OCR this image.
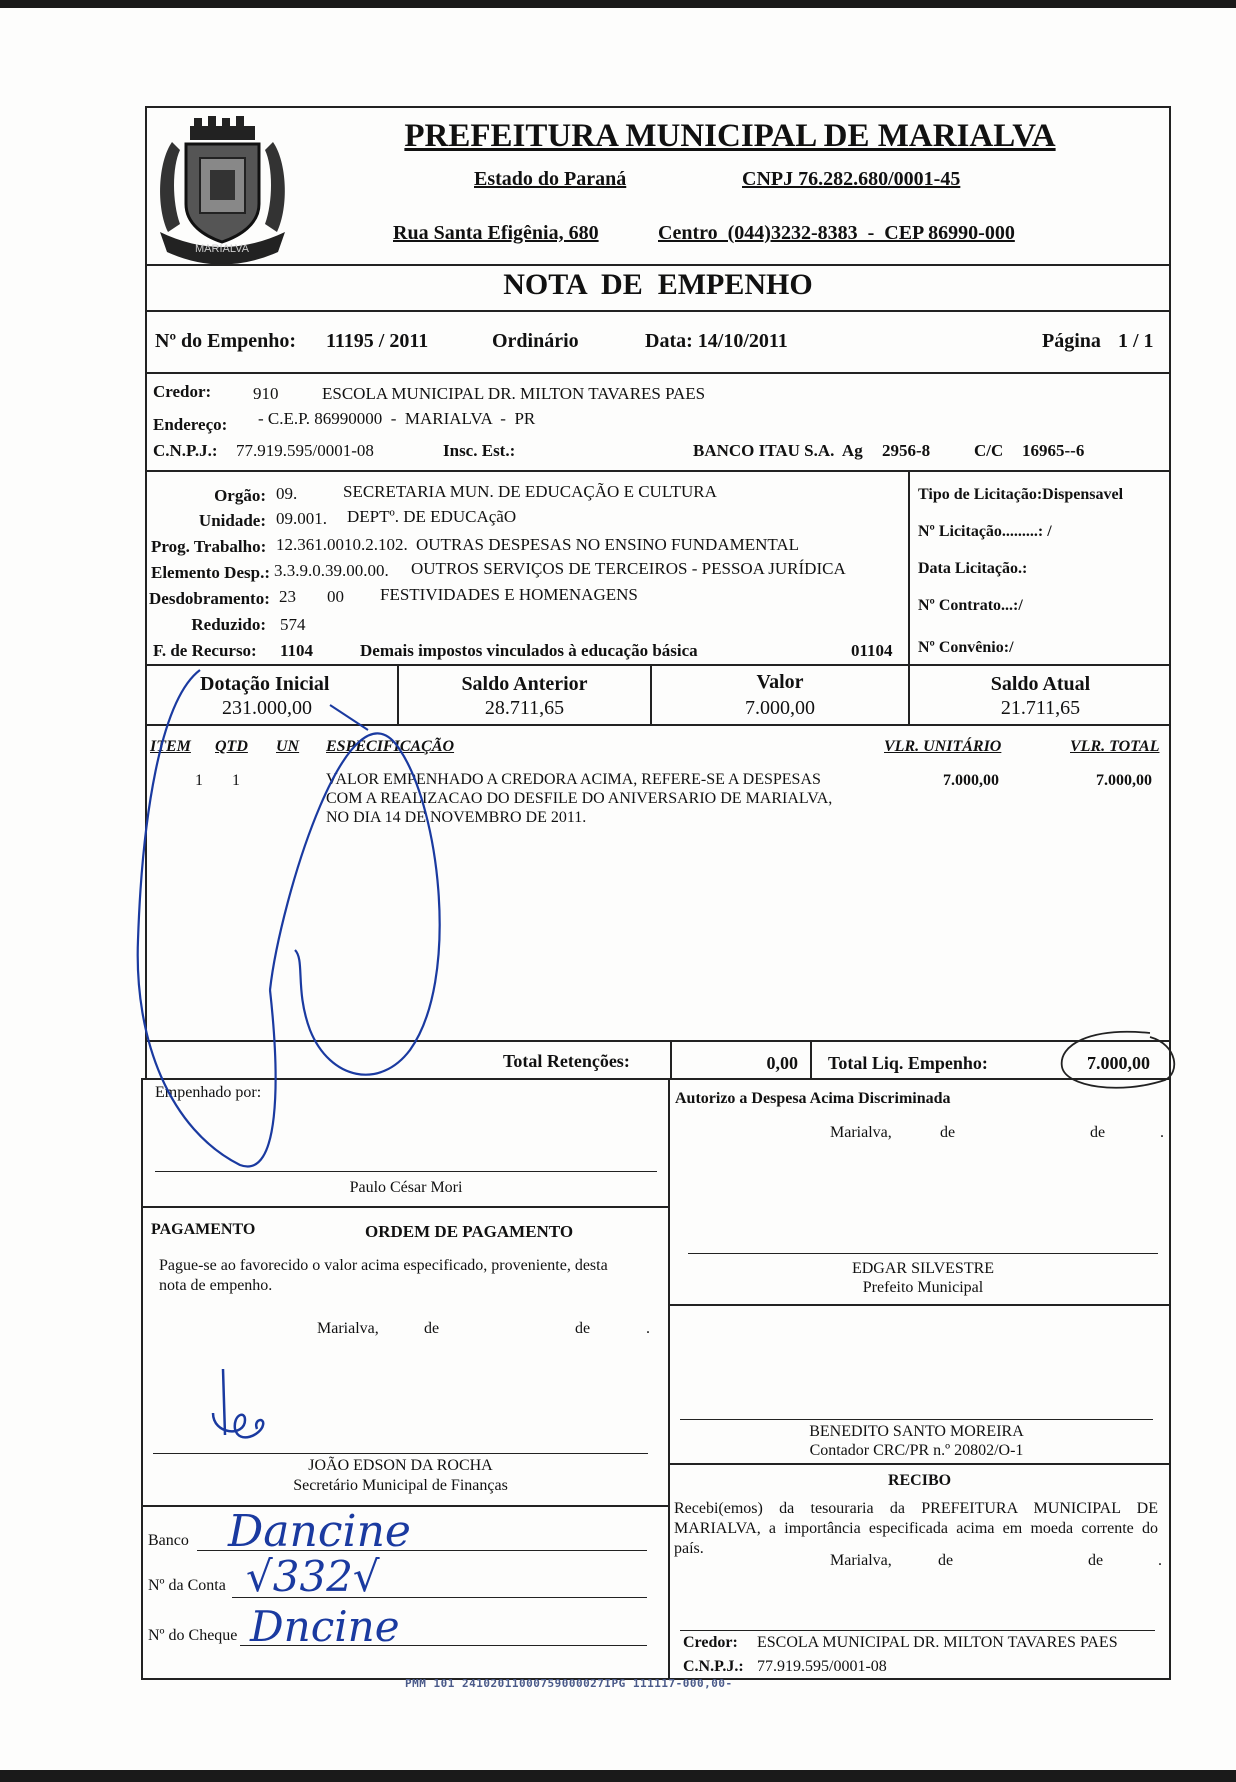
MARIALVA
PREFEITURA MUNICIPAL DE MARIALVA
Estado do Paraná	CNPJ 76.282.680/0001-45
Rua Santa Efigênia, 680	Centro  (044)3232-8383  -  CEP 86990-000
NOTA  DE  EMPENHO
Nº do Empenho: 11195 / 2011	Ordinário	Data: 14/10/2011	Página 1 / 1
Credor: 910	ESCOLA MUNICIPAL DR. MILTON TAVARES PAES
Endereço: - C.E.P. 86990000  -  MARIALVA  -  PR
C.N.P.J.: 77.919.595/0001-08	Insc. Est.:	BANCO ITAU S.A.  Ag 2956-8	C/C 16965--6
Orgão: 09.	SECRETARIA MUN. DE EDUCAÇÃO E CULTURA
Unidade: 09.001. DEPTº. DE EDUCAçãO
Prog. Trabalho: 12.361.0010.2.102. OUTRAS DESPESAS NO ENSINO FUNDAMENTAL
Elemento Desp.: 3.3.9.0.39.00.00. OUTROS SERVIÇOS DE TERCEIROS - PESSOA JURÍDICA
Desdobramento: 23 00 FESTIVIDADES E HOMENAGENS
Reduzido: 574
F. de Recurso: 1104	Demais impostos vinculados à educação básica	01104
Tipo de Licitação:Dispensavel
Nº Licitação.........: /
Data Licitação.:
Nº Contrato...:/
Nº Convênio:/
Dotação Inicial
231.000,00
Saldo Anterior
28.711,65
Valor
7.000,00
Saldo Atual
21.711,65
ITEM QTD UN ESPECIFICAÇÃO	VLR. UNITÁRIO	VLR. TOTAL
1 1	VALOR EMPENHADO A CREDORA ACIMA, REFERE-SE A DESPESAS
COM A REALIZACAO DO DESFILE DO ANIVERSARIO DE MARIALVA,
NO DIA 14 DE NOVEMBRO DE 2011.
7.000,00	7.000,00
Total Retenções:	0,00 Total Liq. Empenho:	7.000,00
Empenhado por:
Paulo César Mori
PAGAMENTO	ORDEM DE PAGAMENTO
Pague-se ao favorecido o valor acima especificado, proveniente, desta
nota de empenho.
Marialva,	de	de	.
JOÃO EDSON DA ROCHA
Secretário Municipal de Finanças
Banco Dancine
Nº da Conta √332√
Nº do Cheque Dncine
Autorizo a Despesa Acima Discriminada
Marialva,	de	de	.
EDGAR SILVESTRE
Prefeito Municipal
BENEDITO SANTO MOREIRA
Contador CRC/PR n.º 20802/O-1
RECIBO
Recebi(emos) da tesouraria da PREFEITURA MUNICIPAL DE
MARIALVA, a importância especificada acima em moeda corrente do
país.
Marialva,	de	de	.
Credor: ESCOLA MUNICIPAL DR. MILTON TAVARES PAES
C.N.P.J.: 77.919.595/0001-08
PMM 101 24102011000759000027IPG 111117-000,00-
